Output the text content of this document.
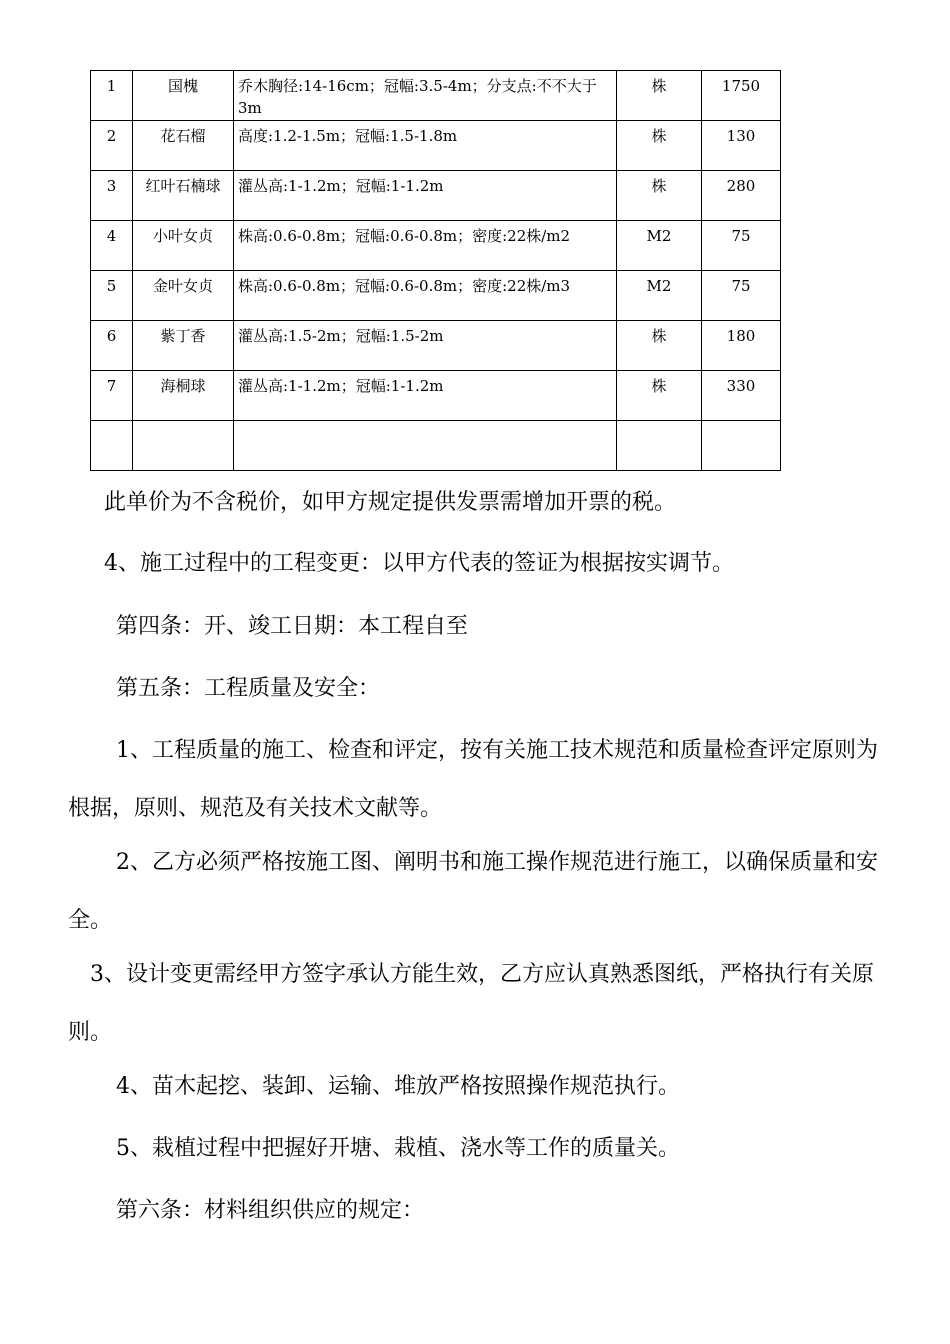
1	国槐	乔木胸径:14-16cm；冠幅:3.5-4m；分支点:不不大于3m	株	1750
2	花石榴	高度:1.2-1.5m；冠幅:1.5-1.8m	株	130
3	红叶石楠球	灌丛高:1-1.2m；冠幅:1-1.2m	株	280
4	小叶女贞	株高:0.6-0.8m；冠幅:0.6-0.8m；密度:22株/m2	M2	75
5	金叶女贞	株高:0.6-0.8m；冠幅:0.6-0.8m；密度:22株/m3	M2	75
6	紫丁香	灌丛高:1.5-2m；冠幅:1.5-2m	株	180
7	海桐球	灌丛高:1-1.2m；冠幅:1-1.2m	株	330

此单价为不含税价，如甲方规定提供发票需增加开票的税。

4、施工过程中的工程变更：以甲方代表的签证为根据按实调节。

第四条：开、竣工日期：本工程自至

第五条：工程质量及安全：

1、工程质量的施工、检查和评定，按有关施工技术规范和质量检查评定原则为根据，原则、规范及有关技术文献等。

2、乙方必须严格按施工图、阐明书和施工操作规范进行施工，以确保质量和安全。

3、设计变更需经甲方签字承认方能生效，乙方应认真熟悉图纸，严格执行有关原则。

4、苗木起挖、装卸、运输、堆放严格按照操作规范执行。

5、栽植过程中把握好开塘、栽植、浇水等工作的质量关。

第六条：材料组织供应的规定：
